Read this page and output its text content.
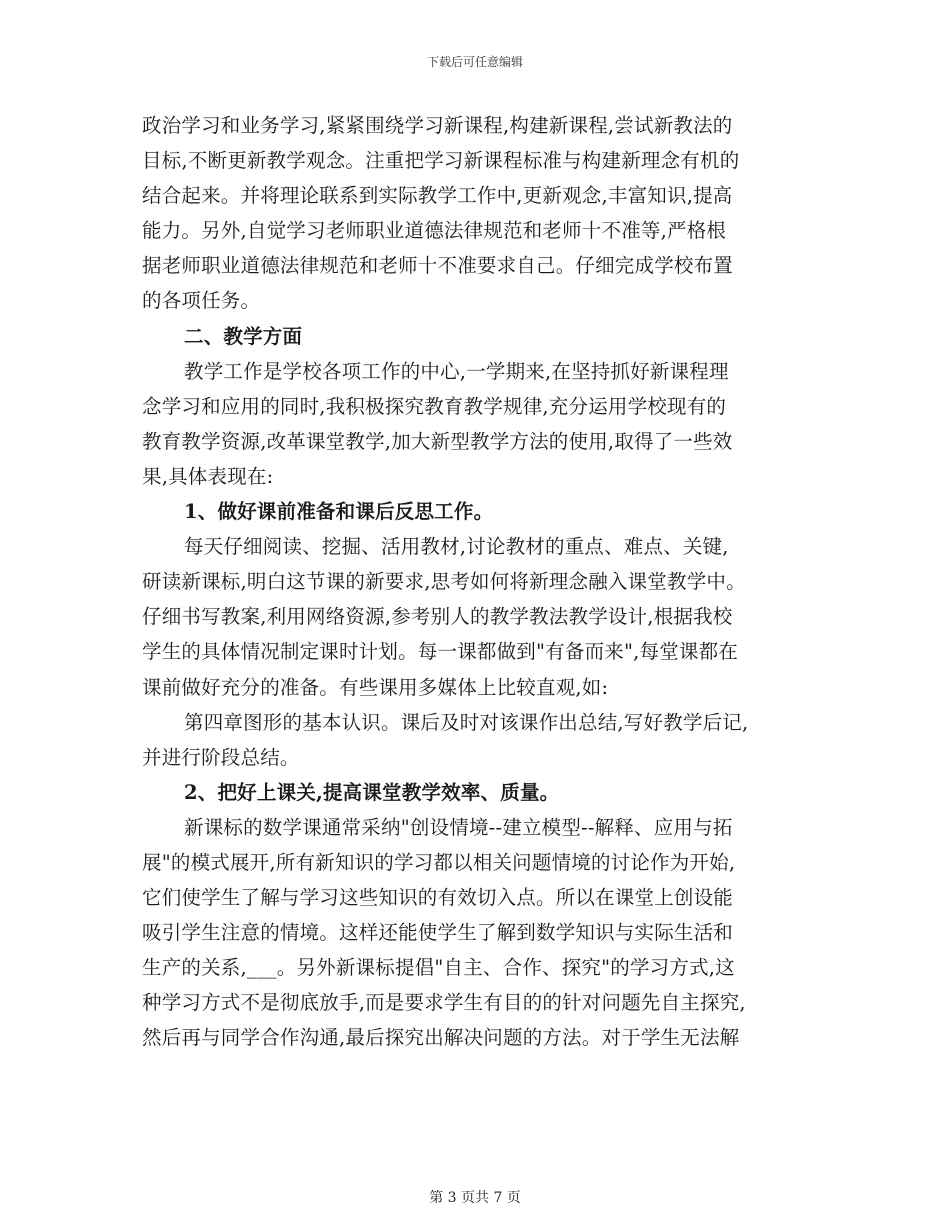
下载后可任意编辑
政治学习和业务学习,紧紧围绕学习新课程,构建新课程,尝试新教法的
目标,不断更新教学观念。注重把学习新课程标准与构建新理念有机的
结合起来。并将理论联系到实际教学工作中,更新观念,丰富知识,提高
能力。另外,自觉学习老师职业道德法律规范和老师十不准等,严格根
据老师职业道德法律规范和老师十不准要求自己。仔细完成学校布置
的各项任务。
二、教学方面
教学工作是学校各项工作的中心,一学期来,在坚持抓好新课程理
念学习和应用的同时,我积极探究教育教学规律,充分运用学校现有的
教育教学资源,改革课堂教学,加大新型教学方法的使用,取得了一些效
果,具体表现在:
1、做好课前准备和课后反思工作。
每天仔细阅读、挖掘、活用教材,讨论教材的重点、难点、关键,
研读新课标,明白这节课的新要求,思考如何将新理念融入课堂教学中。
仔细书写教案,利用网络资源,参考别人的教学教法教学设计,根据我校
学生的具体情况制定课时计划。每一课都做到"有备而来",每堂课都在
课前做好充分的准备。有些课用多媒体上比较直观,如:
第四章图形的基本认识。课后及时对该课作出总结,写好教学后记,
并进行阶段总结。
2、把好上课关,提高课堂教学效率、质量。
新课标的数学课通常采纳"创设情境--建立模型--解释、应用与拓
展"的模式展开,所有新知识的学习都以相关问题情境的讨论作为开始,
它们使学生了解与学习这些知识的有效切入点。所以在课堂上创设能
吸引学生注意的情境。这样还能使学生了解到数学知识与实际生活和
生产的关系,___。另外新课标提倡"自主、合作、探究"的学习方式,这
种学习方式不是彻底放手,而是要求学生有目的的针对问题先自主探究,
然后再与同学合作沟通,最后探究出解决问题的方法。对于学生无法解
第 3 页共 7 页
